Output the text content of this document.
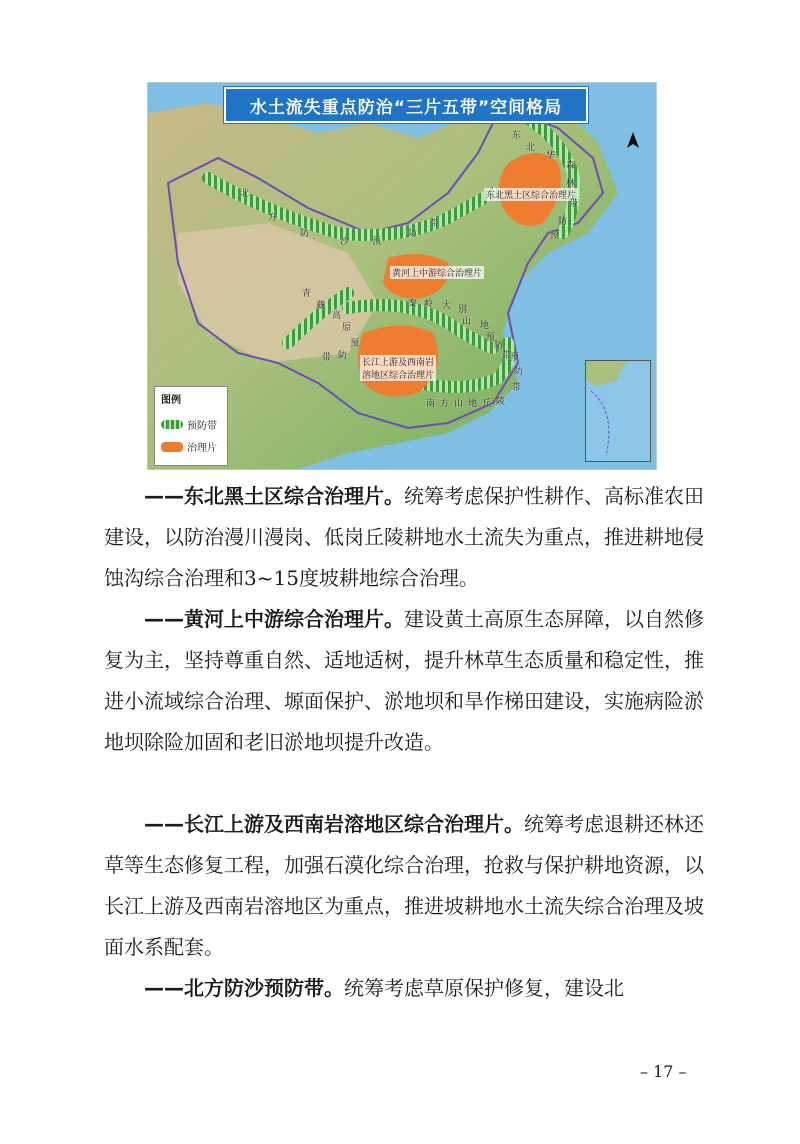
水土流失重点防治“三片五带”空间格局
东北黑土区综合治理片
黄河上中游综合治理片
长江上游及西南岩
溶地区综合治理片
东
北
华
森
林
带
防
预
北
方
防
沙	预
防
带
秦 岭 大 别
山 地
预
防
带
青
藏
高
原
预
防
带
南 方 山 地 丘 陵
带
防
预
图例
预防带
治理片

——东北黑土区综合治理片。统筹考虑保护性耕作、高标准农田建设，以防治漫川漫岗、低岗丘陵耕地水土流失为重点，推进耕地侵蚀沟综合治理和3~15度坡耕地综合治理。

——黄河上中游综合治理片。建设黄土高原生态屏障，以自然修复为主，坚持尊重自然、适地适树，提升林草生态质量和稳定性，推进小流域综合治理、塬面保护、淤地坝和旱作梯田建设，实施病险淤地坝除险加固和老旧淤地坝提升改造。

——长江上游及西南岩溶地区综合治理片。统筹考虑退耕还林还草等生态修复工程，加强石漠化综合治理，抢救与保护耕地资源，以长江上游及西南岩溶地区为重点，推进坡耕地水土流失综合治理及坡面水系配套。

——北方防沙预防带。统筹考虑草原保护修复，建设北

– 17 –
